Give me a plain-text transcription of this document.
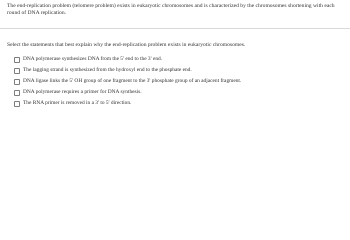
The end-replication problem (telomere problem) exists in eukaryotic chromosomes and is characterized by the chromosomes shortening with each round of DNA replication.

Select the statements that best explain why the end-replication problem exists in eukaryotic chromosomes.

DNA polymerase synthesizes DNA from the 5' end to the 3' end.
The lagging strand is synthesized from the hydroxyl end to the phosphate end.
DNA ligase links the 5' OH group of one fragment to the 3' phosphate group of an adjacent fragment.
DNA polymerase requires a primer for DNA synthesis.
The RNA primer is removed in a 3' to 5' direction.
